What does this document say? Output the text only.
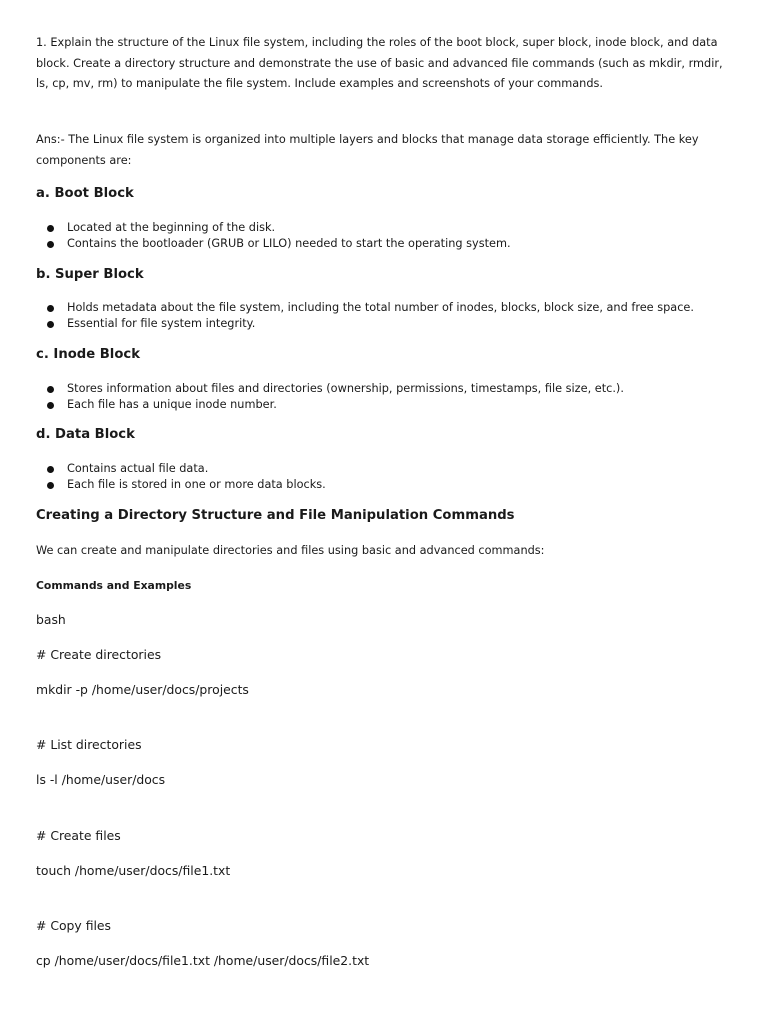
1. Explain the structure of the Linux file system, including the roles of the boot block, super block, inode block, and data block. Create a directory structure and demonstrate the use of basic and advanced file commands (such as mkdir, rmdir, ls, cp, mv, rm) to manipulate the file system. Include examples and screenshots of your commands.

Ans:- The Linux file system is organized into multiple layers and blocks that manage data storage efficiently. The key components are:

a. Boot Block
Located at the beginning of the disk.
Contains the bootloader (GRUB or LILO) needed to start the operating system.
b. Super Block
Holds metadata about the file system, including the total number of inodes, blocks, block size, and free space.
Essential for file system integrity.
c. Inode Block
Stores information about files and directories (ownership, permissions, timestamps, file size, etc.).
Each file has a unique inode number.
d. Data Block
Contains actual file data.
Each file is stored in one or more data blocks.
Creating a Directory Structure and File Manipulation Commands

We can create and manipulate directories and files using basic and advanced commands:

Commands and Examples

bash

# Create directories

mkdir -p /home/user/docs/projects

# List directories

ls -l /home/user/docs

# Create files

touch /home/user/docs/file1.txt

# Copy files

cp /home/user/docs/file1.txt /home/user/docs/file2.txt
